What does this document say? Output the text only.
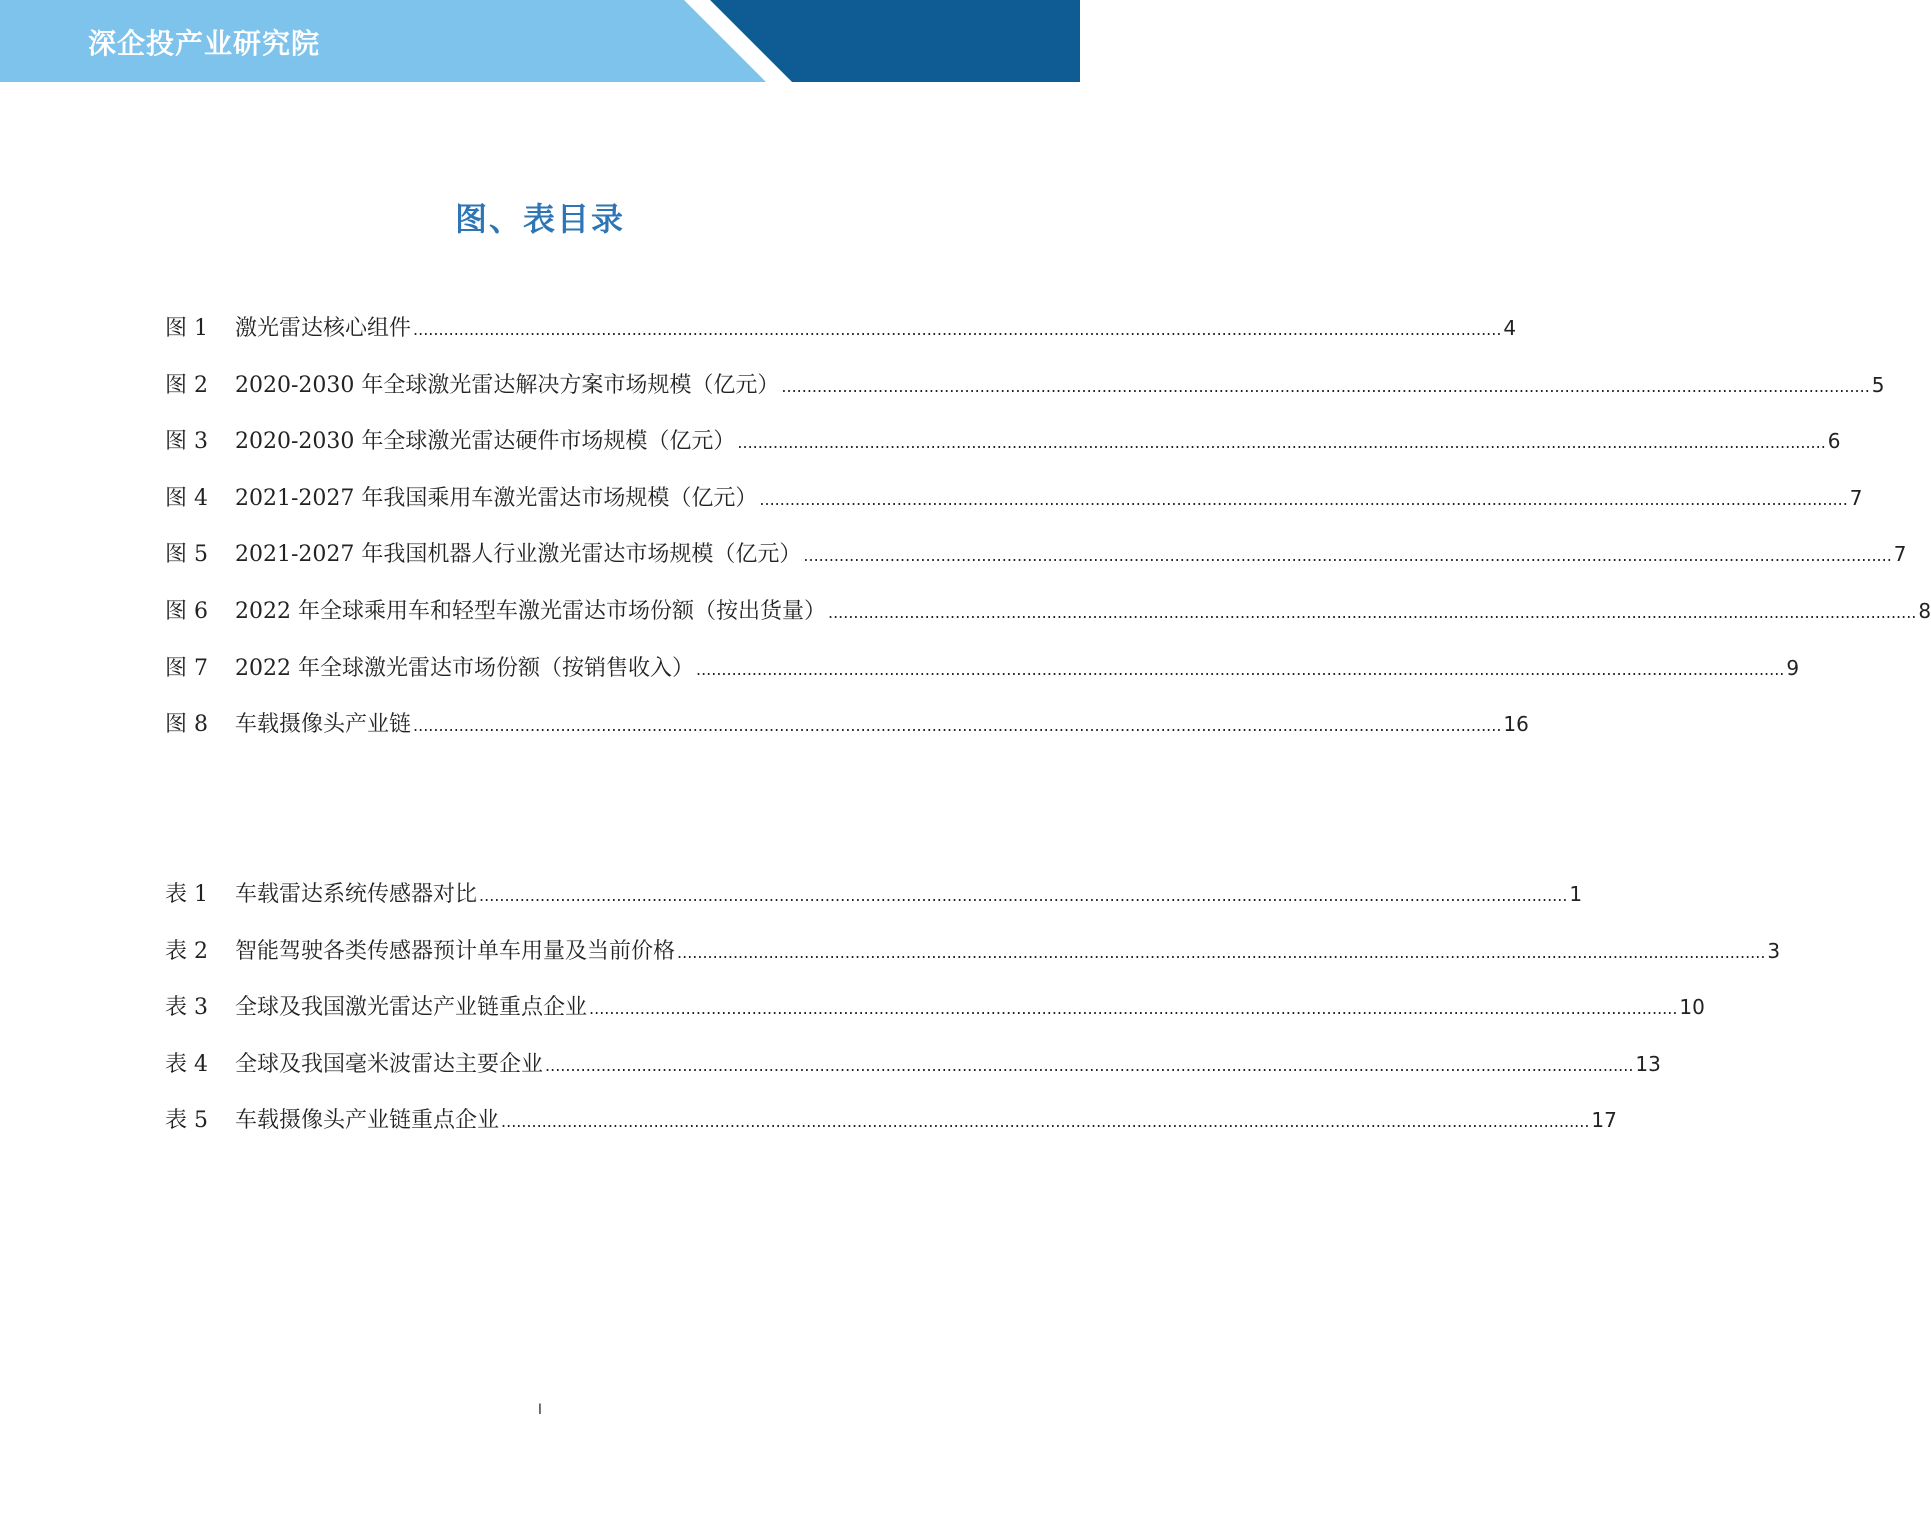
深企投产业研究院
图、表目录
图 1	激光雷达核心组件 .....	4
图 2	2020-2030 年全球激光雷达解决方案市场规模（亿元） .....	5
图 3	2020-2030 年全球激光雷达硬件市场规模（亿元） .....	6
图 4	2021-2027 年我国乘用车激光雷达市场规模（亿元） .....	7
图 5	2021-2027 年我国机器人行业激光雷达市场规模（亿元） .....	7
图 6	2022 年全球乘用车和轻型车激光雷达市场份额（按出货量） .....	8
图 7	2022 年全球激光雷达市场份额（按销售收入） .....	9
图 8	车载摄像头产业链 .....	16
表 1	车载雷达系统传感器对比 .....	1
表 2	智能驾驶各类传感器预计单车用量及当前价格 .....	3
表 3	全球及我国激光雷达产业链重点企业 .....	10
表 4	全球及我国毫米波雷达主要企业 .....	13
表 5	车载摄像头产业链重点企业 .....	17
I
